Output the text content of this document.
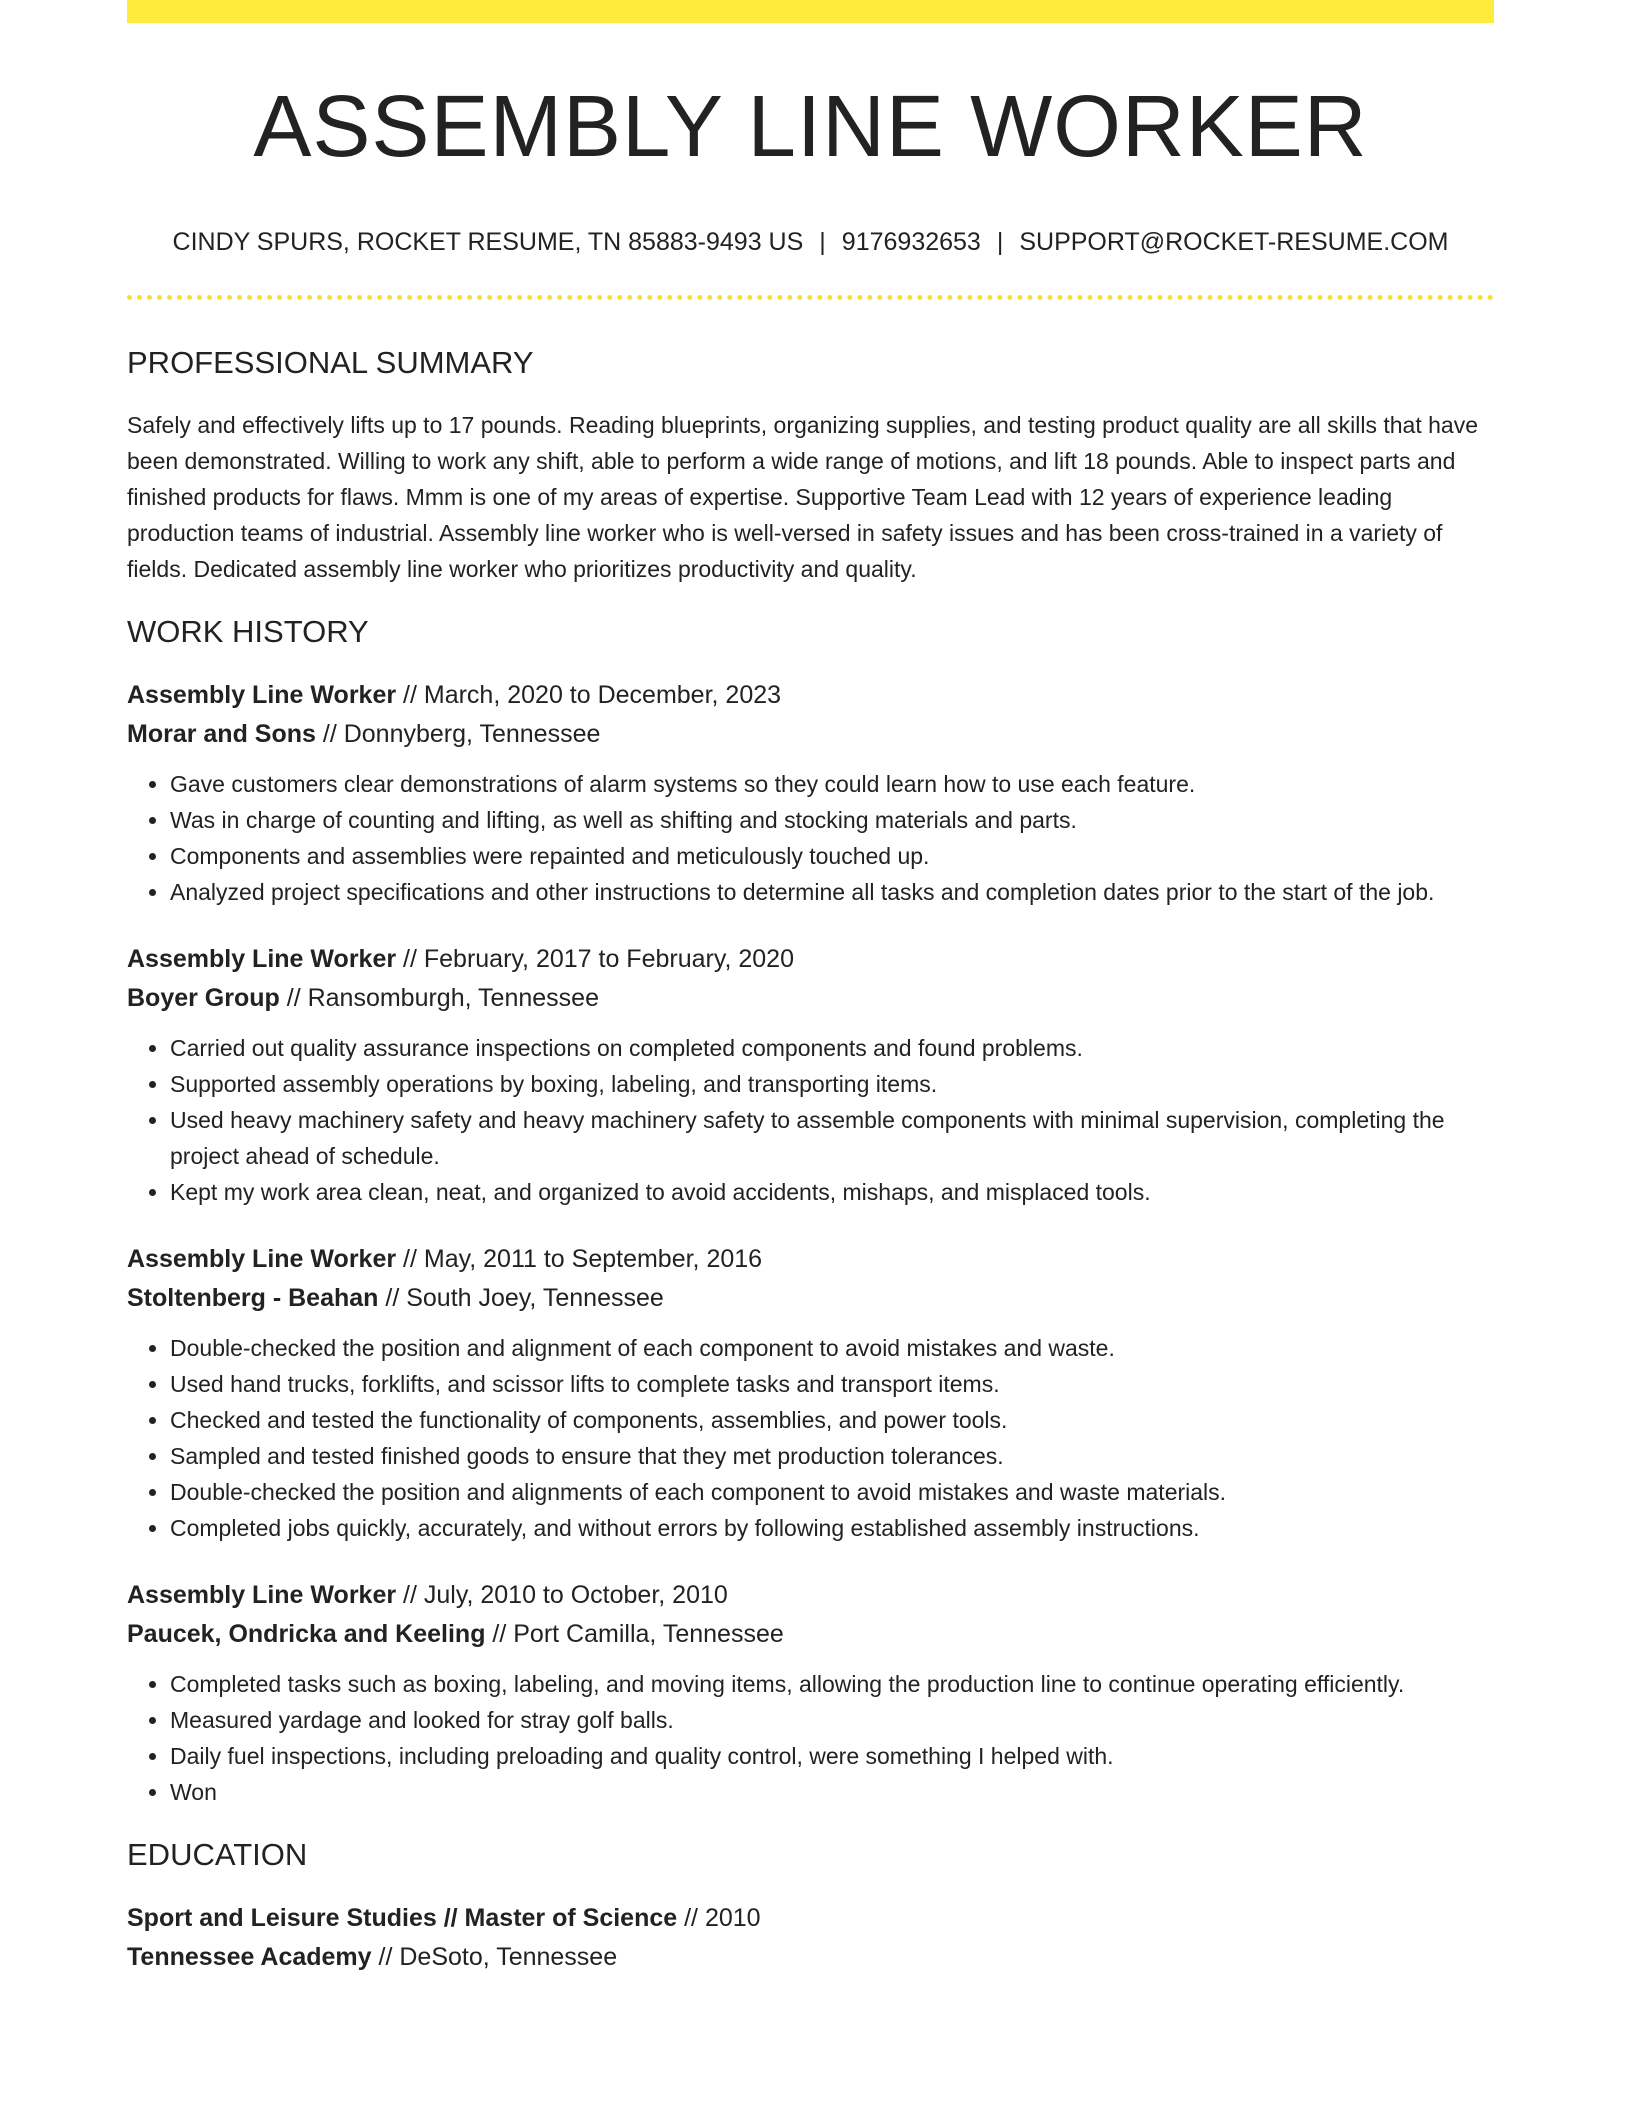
ASSEMBLY LINE WORKER
CINDY SPURS, ROCKET RESUME, TN 85883-9493 US | 9176932653 | SUPPORT@ROCKET-RESUME.COM
PROFESSIONAL SUMMARY

Safely and effectively lifts up to 17 pounds. Reading blueprints, organizing supplies, and testing product quality are all skills that have been demonstrated. Willing to work any shift, able to perform a wide range of motions, and lift 18 pounds. Able to inspect parts and finished products for flaws. Mmm is one of my areas of expertise. Supportive Team Lead with 12 years of experience leading production teams of industrial. Assembly line worker who is well-versed in safety issues and has been cross-trained in a variety of fields. Dedicated assembly line worker who prioritizes productivity and quality.

WORK HISTORY
Assembly Line Worker // March, 2020 to December, 2023
Morar and Sons // Donnyberg, Tennessee
• Gave customers clear demonstrations of alarm systems so they could learn how to use each feature.
• Was in charge of counting and lifting, as well as shifting and stocking materials and parts.
• Components and assemblies were repainted and meticulously touched up.
• Analyzed project specifications and other instructions to determine all tasks and completion dates prior to the start of the job.
Assembly Line Worker // February, 2017 to February, 2020
Boyer Group // Ransomburgh, Tennessee
• Carried out quality assurance inspections on completed components and found problems.
• Supported assembly operations by boxing, labeling, and transporting items.
• Used heavy machinery safety and heavy machinery safety to assemble components with minimal supervision, completing the project ahead of schedule.
• Kept my work area clean, neat, and organized to avoid accidents, mishaps, and misplaced tools.
Assembly Line Worker // May, 2011 to September, 2016
Stoltenberg - Beahan // South Joey, Tennessee
• Double-checked the position and alignment of each component to avoid mistakes and waste.
• Used hand trucks, forklifts, and scissor lifts to complete tasks and transport items.
• Checked and tested the functionality of components, assemblies, and power tools.
• Sampled and tested finished goods to ensure that they met production tolerances.
• Double-checked the position and alignments of each component to avoid mistakes and waste materials.
• Completed jobs quickly, accurately, and without errors by following established assembly instructions.
Assembly Line Worker // July, 2010 to October, 2010
Paucek, Ondricka and Keeling // Port Camilla, Tennessee
• Completed tasks such as boxing, labeling, and moving items, allowing the production line to continue operating efficiently.
• Measured yardage and looked for stray golf balls.
• Daily fuel inspections, including preloading and quality control, were something I helped with.
• Won
EDUCATION
Sport and Leisure Studies // Master of Science // 2010
Tennessee Academy // DeSoto, Tennessee
